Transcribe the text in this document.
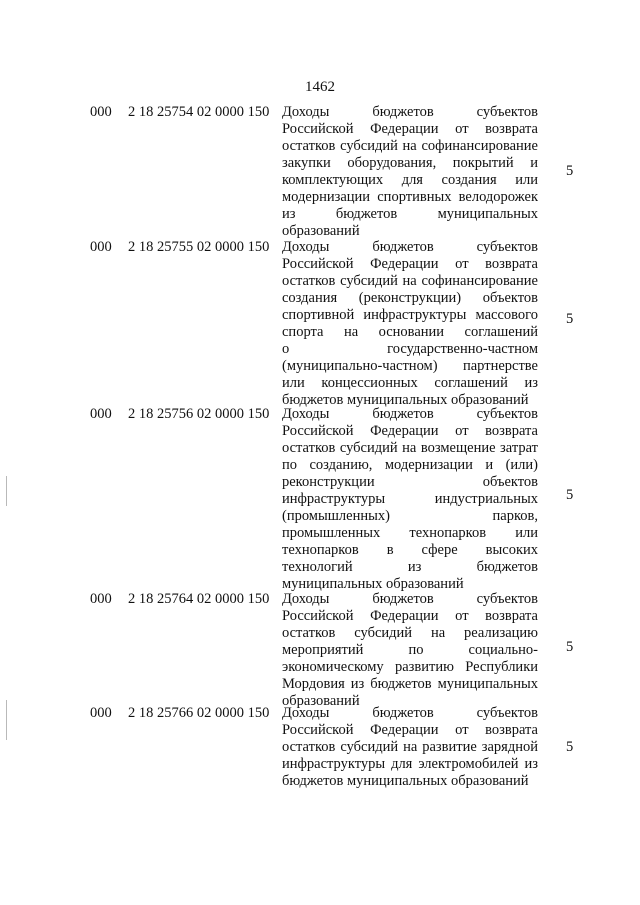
1462
000 2 18 25754 02 0000 150 Доходы бюджетов субъектов
Российской Федерации от возврата
остатков субсидий на софинансирование
закупки оборудования, покрытий и
комплектующих для создания или
модернизации спортивных велодорожек
из бюджетов муниципальных
образований
5
000 2 18 25755 02 0000 150 Доходы бюджетов субъектов
Российской Федерации от возврата
остатков субсидий на софинансирование
создания (реконструкции) объектов
спортивной инфраструктуры массового
спорта на основании соглашений
о государственно-частном
(муниципально-частном) партнерстве
или концессионных соглашений из
бюджетов муниципальных образований
5
000 2 18 25756 02 0000 150 Доходы бюджетов субъектов
Российской Федерации от возврата
остатков субсидий на возмещение затрат
по созданию, модернизации и (или)
реконструкции объектов
инфраструктуры индустриальных
(промышленных) парков,
промышленных технопарков или
технопарков в сфере высоких
технологий из бюджетов
муниципальных образований
5
000 2 18 25764 02 0000 150 Доходы бюджетов субъектов
Российской Федерации от возврата
остатков субсидий на реализацию
мероприятий по социально-
экономическому развитию Республики
Мордовия из бюджетов муниципальных
образований
5
000 2 18 25766 02 0000 150 Доходы бюджетов субъектов
Российской Федерации от возврата
остатков субсидий на развитие зарядной
инфраструктуры для электромобилей из
бюджетов муниципальных образований
5
